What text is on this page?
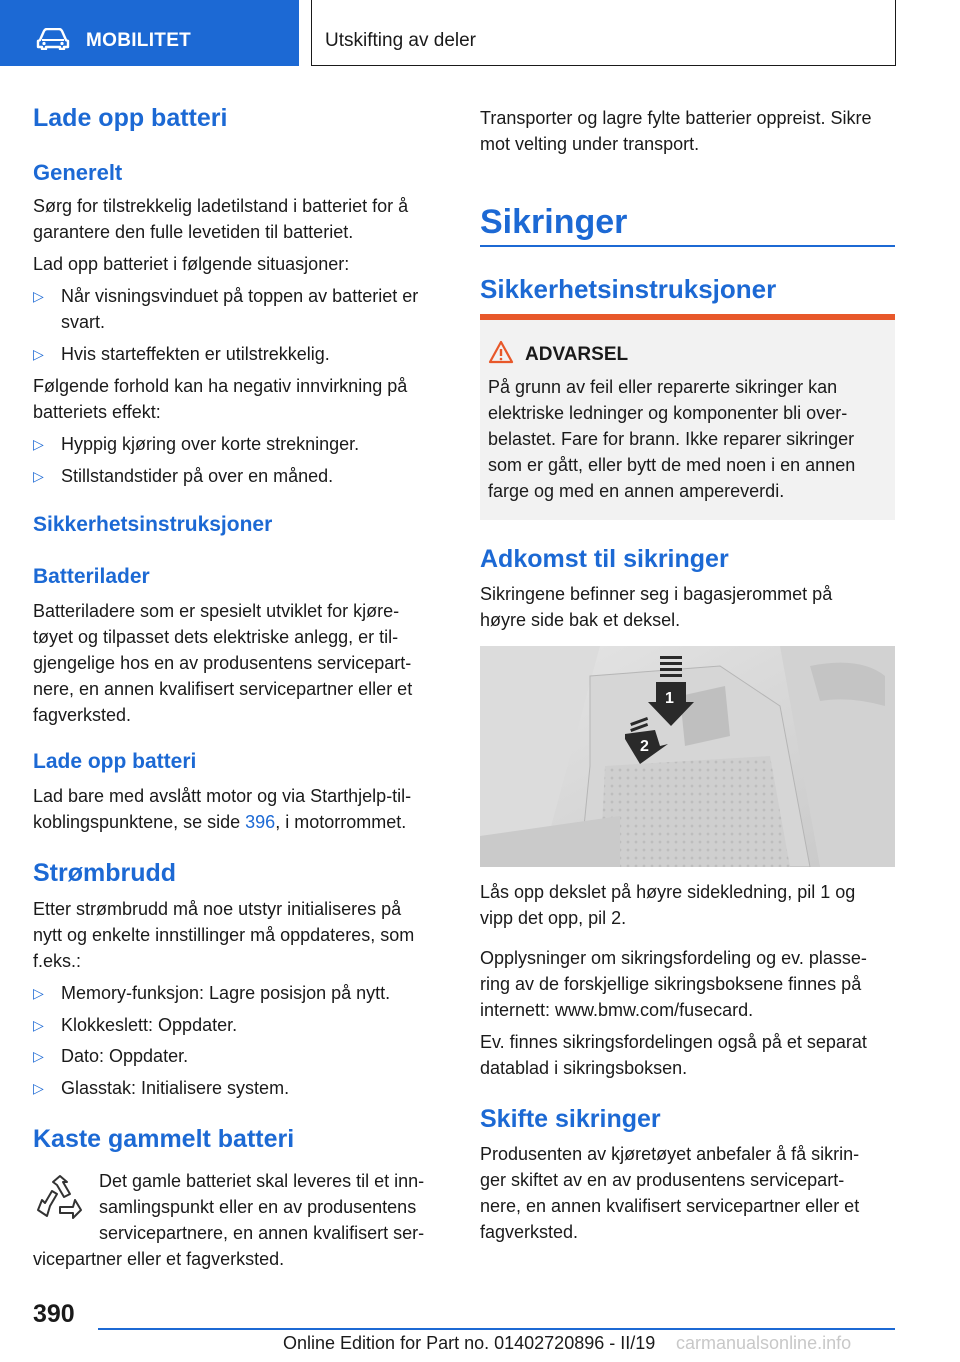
MOBILITET	Utskifting av deler
Lade opp batteri
Generelt
Sørg for tilstrekkelig ladetilstand i batteriet for å
garantere den fulle levetiden til batteriet.
Lad opp batteriet i følgende situasjoner:
▷ Når visningsvinduet på toppen av batteriet er
svart.
▷ Hvis starteffekten er utilstrekkelig.
Følgende forhold kan ha negativ innvirkning på
batteriets effekt:
▷ Hyppig kjøring over korte strekninger.
▷ Stillstandstider på over en måned.
Sikkerhetsinstruksjoner
Batterilader
Batteriladere som er spesielt utviklet for kjøre-
tøyet og tilpasset dets elektriske anlegg, er til-
gjengelige hos en av produsentens servicepart-
nere, en annen kvalifisert servicepartner eller et
fagverksted.
Lade opp batteri
Lad bare med avslått motor og via Starthjelp-til-
koblingspunktene, se side 396, i motorrommet.
Strømbrudd
Etter strømbrudd må noe utstyr initialiseres på
nytt og enkelte innstillinger må oppdateres, som
f.eks.:
▷ Memory-funksjon: Lagre posisjon på nytt.
▷ Klokkeslett: Oppdater.
▷ Dato: Oppdater.
▷ Glasstak: Initialisere system.
Kaste gammelt batteri
Det gamle batteriet skal leveres til et inn-
samlingspunkt eller en av produsentens
servicepartnere, en annen kvalifisert ser-
vicepartner eller et fagverksted.
Transporter og lagre fylte batterier oppreist. Sikre
mot velting under transport.
Sikringer
Sikkerhetsinstruksjoner
ADVARSEL
På grunn av feil eller reparerte sikringer kan
elektriske ledninger og komponenter bli over-
belastet. Fare for brann. Ikke reparer sikringer
som er gått, eller bytt de med noen i en annen
farge og med en annen ampereverdi.
Adkomst til sikringer
Sikringene befinner seg i bagasjerommet på
høyre side bak et deksel.
1
2
Lås opp dekslet på høyre sidekledning, pil 1 og
vipp det opp, pil 2.
Opplysninger om sikringsfordeling og ev. plasse-
ring av de forskjellige sikringsboksene finnes på
internett: www.bmw.com/fusecard.
Ev. finnes sikringsfordelingen også på et separat
datablad i sikringsboksen.
Skifte sikringer
Produsenten av kjøretøyet anbefaler å få sikrin-
ger skiftet av en av produsentens servicepart-
nere, en annen kvalifisert servicepartner eller et
fagverksted.
390
Online Edition for Part no. 01402720896 - II/19 carmanualsonline.info
